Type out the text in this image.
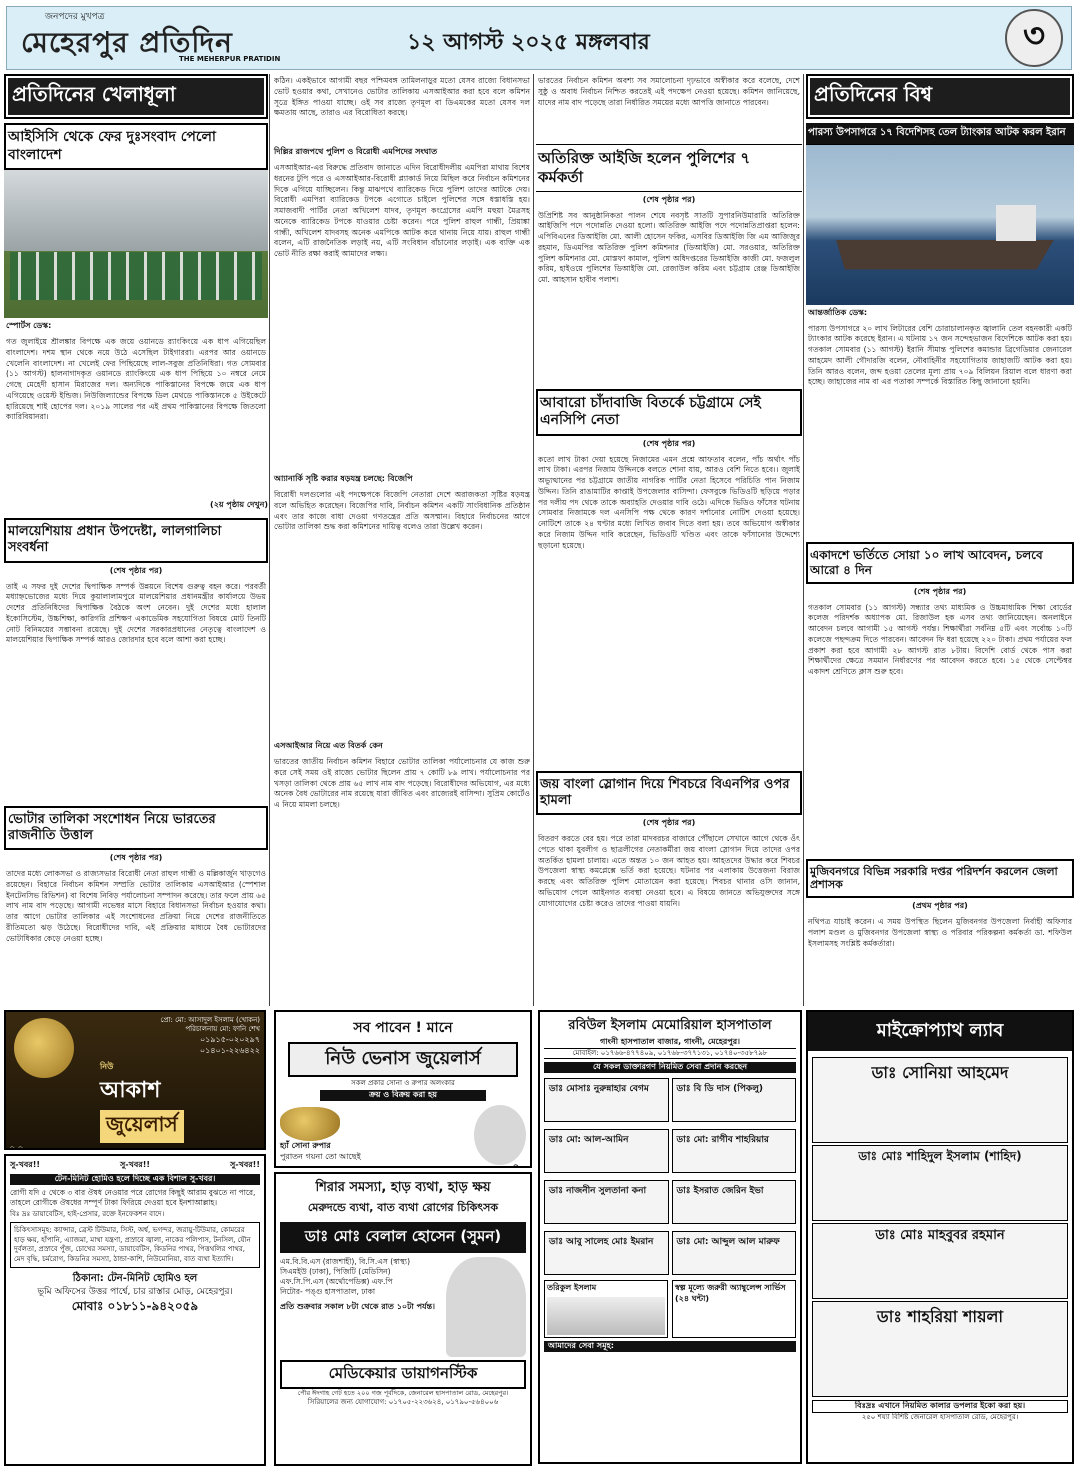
জনপদের মুখপত্র
মেহেরপুর প্রতিদিন
THE MEHERPUR PRATIDIN
১২ আগস্ট ২০২৫ মঙ্গলবার	৩
প্রতিদিনের খেলাধূলা
আইসিসি থেকে ফের দুঃসংবাদ পেলো বাংলাদেশ
স্পোর্টস ডেস্ক:

গত জুলাইয়ে শ্রীলঙ্কার বিপক্ষে এক জয়ে ওয়ানডে র‍্যাংকিংয়ে এক ধাপ এগিয়েছিল বাংলাদেশ। দশম স্থান থেকে নয়ে উঠে এসেছিল টাইগাররা। এরপর আর ওয়ানডে খেলেনি বাংলাদেশ। না খেলেই ফের পিছিয়েছে লাল-সবুজ প্রতিনিধিরা। গত সোমবার (১১ আগস্ট) হালনাগাদকৃত ওয়ানডে র‍্যাংকিংয়ে এক ধাপ পিছিয়ে ১০ নম্বরে নেমে গেছে মেহেদী হাসান মিরাজের দল। অন্যদিকে পাকিস্তানের বিপক্ষে জয়ে এক ধাপ এগিয়েছে ওয়েস্ট ইন্ডিজ। নিউজিল্যান্ডের বিপক্ষে ডিল মেথডে পাকিস্তানকে ৫ উইকেটে হারিয়েছে শাই হোপের দল। ২০১৯ সালের পর এই প্রথম পাকিস্তানের বিপক্ষে জিতলো ক্যারিবিয়ানরা।

(২য় পৃষ্ঠায় দেখুন)
মালয়েশিয়ায় প্রধান উপদেষ্টা, লালগালিচা সংবর্ধনা
(শেষ পৃষ্ঠার পর)

তাই এ সফর দুই দেশের দ্বিপাক্ষিক সম্পর্ক উন্নয়নে বিশেষ গুরুত্ব বহন করে। পরবর্তী মধ্যাহ্নভোজের মধ্যে দিয়ে কুয়ালালামপুরে মালয়েশিয়ার প্রধানমন্ত্রীর কার্যালয়ে উভয় দেশের প্রতিনিধিদের দ্বিপাক্ষিক বৈঠকে অংশ নেবেন। দুই দেশের মধ্যে হালাল ইকোসিস্টেম, উচ্চশিক্ষা, কারিগরি প্রশিক্ষণ একাডেমিক সহযোগিতা বিষয়ে মোট তিনটি নোট বিনিময়ের সম্ভাবনা রয়েছে। দুই দেশের সরকারপ্রধানের নেতৃত্বে বাংলাদেশ ও মালয়েশিয়ার দ্বিপাক্ষিক সম্পর্ক আরও জোরদার হবে বলে আশা করা হচ্ছে।

ভোটার তালিকা সংশোধন নিয়ে ভারতের রাজনীতি উত্তাল
(শেষ পৃষ্ঠার পর)

তাদের মধ্যে লোকসভা ও রাজ্যসভার বিরোধী নেতা রাহুল গান্ধী ও মল্লিকার্জুন খাড়গেও রয়েছেন। বিহারে নির্বাচন কমিশন সম্প্রতি ভোটার তালিকায় এসআইআর (স্পেশাল ইনটেনসিভ রিভিশন) বা বিশেষ নিবিড় পর্যালোচনা সম্পাদন করেছে। তার ফলে প্রায় ৬৫ লাখ নাম বাদ পড়েছে। আগামী নভেম্বর মাসে বিহারে বিধানসভা নির্বাচন হওয়ার কথা। তার আগে ভোটার তালিকার এই সংশোধনের প্রক্রিয়া নিয়ে দেশের রাজনীতিতে রীতিমতো ঝড় উঠেছে। বিরোধীদের দাবি, এই প্রক্রিয়ার মাধ্যমে বৈধ ভোটারদের ভোটাধিকার কেড়ে নেওয়া হচ্ছে।

কঠিন। একইভাবে আগামী বছর পশ্চিমবঙ্গ তামিলনাড়ুর মতো যেসব রাজ্যে বিধানসভা ভোট হওয়ার কথা, সেখানেও ভোটার তালিকায় এসআইআর করা হবে বলে কমিশন সূত্রে ইঙ্গিত পাওয়া যাচ্ছে। ওই সব রাজ্যে তৃণমূল বা ডিএমকের মতো যেসব দল ক্ষমতায় আছে, তারাও এর বিরোধিতা করছে।

দিল্লির রাজপথে পুলিশ ও বিরোধী এমপিদের সংঘাত

এসআইআর-এর বিরুদ্ধে প্রতিবাদ জানাতে এদিন বিরোধীদলীয় এমপিরা মাথায় বিশেষ ধরনের টুপি পরে ও এসআইআর-বিরোধী প্ল্যাকার্ড নিয়ে মিছিল করে নির্বাচন কমিশনের দিকে এগিয়ে যাচ্ছিলেন। কিন্তু মাঝপথে ব্যারিকেড দিয়ে পুলিশ তাদের আটকে দেয়। বিরোধী এমপিরা ব্যারিকেড টপকে এগোতে চাইলে পুলিশের সঙ্গে ধস্তাধস্তি হয়। সমাজবাদী পার্টির নেতা অখিলেশ যাদব, তৃণমূল কংগ্রেসের এমপি মহুয়া মৈত্রসহ অনেকে ব্যারিকেড টপকে যাওয়ার চেষ্টা করেন। পরে পুলিশ রাহুল গান্ধী, প্রিয়াঙ্কা গান্ধী, অখিলেশ যাদবসহ অনেক এমপিকে আটক করে থানায় নিয়ে যায়। রাহুল গান্ধী বলেন, এটি রাজনৈতিক লড়াই নয়, এটি সংবিধান বাঁচানোর লড়াই। এক ব্যক্তি এক ভোট নীতি রক্ষা করাই আমাদের লক্ষ্য।

আ্যানার্কি সৃষ্টি করার ষড়যন্ত্র চলছে: বিজেপি

বিরোধী দলগুলোর এই পদক্ষেপকে বিজেপি নেতারা দেশে অরাজকতা সৃষ্টির ষড়যন্ত্র বলে অভিহিত করেছেন। বিজেপির দাবি, নির্বাচন কমিশন একটি সাংবিধানিক প্রতিষ্ঠান এবং তার কাজে বাধা দেওয়া গণতন্ত্রের প্রতি অসম্মান। বিহারে নির্বাচনের আগে ভোটার তালিকা শুদ্ধ করা কমিশনের দায়িত্ব বলেও তারা উল্লেখ করেন।

এসআইআর নিয়ে এত বিতর্ক কেন

ভারতের জাতীয় নির্বাচন কমিশন বিহারে ভোটার তালিকা পর্যালোচনার যে কাজ শুরু করে সেই সময় ওই রাজ্যে ভোটার ছিলেন প্রায় ৭ কোটি ৮৯ লাখ। পর্যালোচনার পর খসড়া তালিকা থেকে প্রায় ৬৫ লাখ নাম বাদ পড়েছে। বিরোধীদের অভিযোগ, এর মধ্যে অনেক বৈধ ভোটারের নাম রয়েছে যারা জীবিত এবং রাজ্যেরই বাসিন্দা। সুপ্রিম কোর্টেও এ নিয়ে মামলা চলছে।

ভারতের নির্বাচন কমিশন অবশ্য সব সমালোচনা দৃঢ়ভাবে অস্বীকার করে বলেছে, দেশে সুষ্ঠু ও অবাধ নির্বাচন নিশ্চিত করতেই এই পদক্ষেপ নেওয়া হয়েছে। কমিশন জানিয়েছে, যাদের নাম বাদ পড়েছে তারা নির্ধারিত সময়ের মধ্যে আপত্তি জানাতে পারবেন।

অতিরিক্ত আইজি হলেন পুলিশের ৭ কর্মকর্তা
(শেষ পৃষ্ঠার পর)

উপ্রিশিষ্ট সব আনুষ্ঠানিকতা পালন শেষে নবসৃষ্ট সাতটি সুপারনিউমারারি অতিরিক্ত আইজিপি পদে পদোন্নতি দেওয়া হলো। অতিরিক্ত আইজি পদে পদোন্নতিপ্রাপ্তরা হলেন: এপিবিএনের ডিআইজি মো. আলী হোসেন ফকির, এসবির ডিআইজি জি এম আজিজুর রহমান, ডিএমপির অতিরিক্ত পুলিশ কমিশনার (ডিআইজি) মো. সরওয়ার, অতিরিক্ত পুলিশ কমিশনার মো. মোস্তফা কামাল, পুলিশ অধিদপ্তরের ডিআইজি কাজী মো. ফজলুল করিম, হাইওয়ে পুলিশের ডিআইজি মো. রেজাউল করিম এবং চট্টগ্রাম রেঞ্জ ডিআইজি মো. আহসান হাবীব পলাশ।

আবারো চাঁদাবাজি বিতর্কে চট্টগ্রামে সেই এনসিপি নেতা
(শেষ পৃষ্ঠার পর)

কতো লাখ টাকা দেয়া হয়েছে নিজামের এমন প্রশ্নে আফতাব বলেন, পাঁচ অর্থাৎ পাঁচ লাখ টাকা। এরপর নিজাম উদ্দিনকে বলতে শোনা যায়, আরও বেশি নিতে হবে।। জুলাই অভ্যুত্থানের পর চট্টগ্রামে জাতীয় নাগরিক পার্টির নেতা হিসেবে পরিচিতি পান নিজাম উদ্দিন। তিনি রাঙামাটির কাপ্তাই উপজেলার বাসিন্দা। ফেসবুকে ভিডিওটি ছড়িয়ে পড়ার পর দলীয় পদ থেকে তাকে অব্যাহতি দেওয়ার দাবি ওঠে। এদিকে ভিডিও ফাঁসের ঘটনায় সোমবার নিজামকে দল এনসিপি পক্ষ থেকে কারণ দর্শানোর নোটিশ দেওয়া হয়েছে। নোটিশে তাকে ২৪ ঘণ্টার মধ্যে লিখিত জবাব দিতে বলা হয়। তবে অভিযোগ অস্বীকার করে নিজাম উদ্দিন দাবি করেছেন, ভিডিওটি খণ্ডিত এবং তাকে ফাঁসানোর উদ্দেশ্যে ছড়ানো হয়েছে।

জয় বাংলা স্লোগান দিয়ে শিবচরে বিএনপির ওপর হামলা
(শেষ পৃষ্ঠার পর)

বিতরণ করতে বের হয়। পরে তারা মাদবরচর বাজারে পৌঁছালে সেখানে আগে থেকে ওঁৎ পেতে থাকা যুবলীগ ও ছাত্রলীগের নেতাকর্মীরা জয় বাংলা স্লোগান দিয়ে তাদের ওপর অতর্কিত হামলা চালায়। এতে অন্তত ১০ জন আহত হয়। আহতদের উদ্ধার করে শিবচর উপজেলা স্বাস্থ্য কমপ্লেক্সে ভর্তি করা হয়েছে। ঘটনার পর এলাকায় উত্তেজনা বিরাজ করছে এবং অতিরিক্ত পুলিশ মোতায়েন করা হয়েছে। শিবচর থানার ওসি জানান, অভিযোগ পেলে আইনগত ব্যবস্থা নেওয়া হবে। এ বিষয়ে জানতে অভিযুক্তদের সঙ্গে যোগাযোগের চেষ্টা করেও তাদের পাওয়া যায়নি।

প্রতিদিনের বিশ্ব
পারস্য উপসাগরে ১৭ বিদেশিসহ তেল ট্যাংকার আটক করল ইরান
আন্তর্জাতিক ডেস্ক:

পারস্য উপসাগরে ২০ লাখ লিটারের বেশি চোরাচালানকৃত জ্বালানি তেল বহনকারী একটি ট্যাংকার আটক করেছে ইরান। এ ঘটনায় ১৭ জন সন্দেহভাজন বিদেশিকে আটক করা হয়। গতকাল সোমবার (১১ আগস্ট) ইরানি সীমান্ত পুলিশের কমান্ডার ব্রিগেডিয়ার জেনারেল আহমেদ আলী গৌদারজি বলেন, নৌবাহিনীর সহযোগিতায় জাহাজটি আটক করা হয়। তিনি আরও বলেন, জব্দ হওয়া তেলের মূল্য প্রায় ৭০৯ বিলিয়ন রিয়াল বলে ধারণা করা হচ্ছে। জাহাজের নাম বা এর পতাকা সম্পর্কে বিস্তারিত কিছু জানানো হয়নি।

একাদশে ভর্তিতে সোয়া ১০ লাখ আবেদন, চলবে আরো ৪ দিন
(শেষ পৃষ্ঠার পর)

গতকাল সোমবার (১১ আগস্ট) সন্ধ্যার তথ্য মাধ্যমিক ও উচ্চমাধ্যমিক শিক্ষা বোর্ডের কলেজ পরিদর্শক অধ্যাপক মো. রিজাউল হক এসব তথ্য জানিয়েছেন। অনলাইনে আবেদন চলবে আগামী ১৫ আগস্ট পর্যন্ত। শিক্ষার্থীরা সর্বনিম্ন ৫টি এবং সর্বোচ্চ ১০টি কলেজে পছন্দক্রম দিতে পারবেন। আবেদন ফি ধরা হয়েছে ২২০ টাকা। প্রথম পর্যায়ের ফল প্রকাশ করা হবে আগামী ২৮ আগস্ট রাত ৮টায়। বিদেশি বোর্ড থেকে পাস করা শিক্ষার্থীদের ক্ষেত্রে সমমান নির্ধারণের পর আবেদন করতে হবে। ১৫ থেকে সেপ্টেম্বর একাদশ শ্রেণিতে ক্লাস শুরু হবে।

মুজিবনগরে বিভিন্ন সরকারি দপ্তর পরিদর্শন করলেন জেলা প্রশাসক
(প্রথম পৃষ্ঠার পর)

নথিপত্র যাচাই করেন। এ সময় উপস্থিত ছিলেন মুজিবনগর উপজেলা নির্বাহী অফিসার পলাশ মণ্ডল ও মুজিবনগর উপজেলা স্বাস্থ্য ও পরিবার পরিকল্পনা কর্মকর্তা ডা. শফিউল ইসলামসহ সংশ্লিষ্ট কর্মকর্তারা।

প্রো: মো: আসাদুল ইসলাম (খোকন)
পরিচালনায় মো: ফানি শেখ
০১৯১৫-০২০২৯৭
০১৪০১-২২৬৪২২
নিউ
আকাশ
জুয়েলার্স
সব পাবেন ! মানে
নিউ ভেনাস জুয়েলার্স
সকল প্রকার সোনা ও রুপার অলংকার
ক্রয় ও বিক্রয় করা হয়
হ্যাঁ সোনা রুপার
পুরাতন গয়না তো আছেই
রবিউল ইসলাম মেমোরিয়াল হাসপাতাল
গাংনী হাসপাতাল বাজার, গাংনী, মেহেরপুর।
মোবাইল: ০১৭৬৬-৪৭৭৪০৯, ০১৭৬৮-৩৭৭১৩১, ০১৭৪০-৩৫৮৭৯৮
যে সকল ডাক্তারগণ নিয়মিত সেবা প্রদান করছেন
ডাঃ মোসাঃ নুরুন্নাহার বেগম	ডাঃ বি ডি দাস (পিকলু)
ডাঃ মো: আল-আমিন	ডাঃ মো: রাগীব শাহরিয়ার
ডাঃ নাজনীন সুলতানা কনা	ডাঃ ইসরাত জেরিন ইভা
ডাঃ আবু সালেহ মোঃ ইমরান	ডাঃ মো: আব্দুল আল মারুফ
তরিকুল ইসলাম	স্বল্প মূল্যে জরুরী অ্যাম্বুলেন্স সার্ভিস (২৪ ঘন্টা)
আমাদের সেবা সমূহ:
মাইক্রোপ্যাথ ল্যাব
ডাঃ সোনিয়া আহমেদ
ডাঃ মোঃ শাহিদুল ইসলাম (শাহিদ)
ডাঃ মোঃ মাহবুবর রহমান
ডাঃ শাহরিয়া শায়লা
বিঃদ্রঃ এখানে নিয়মিত কালার ডপলার ইকো করা হয়।
২৫০ শয্যা বিশিষ্ট জেনারেল হাসপাতাল রোড, মেহেরপুর।
সু-খবর!!	সু-খবর!!	সু-খবর!!
টেন-মিনিট হোমিও হলে দিচ্ছে এক বিশাল সু-খবর।

রোগী যদি ৫ থেকে ৩ বার ঔষধ নেওয়ার পরে রোগের কিছুই আরাম বুঝতে না পারে, তাহলে রোগীকে ঔষধের সম্পূর্ণ টাকা ফিরিয়ে দেওয়া হবে ইনশাআল্লাহ।

বিঃ দ্রঃ ডায়াবেটিস, হাই-প্রেসার, রক্তে ইনফেকশন বাদে।

চিকিৎসাসমূহ: ক্যান্সার, ব্রেস্ট টিউমার, সিস্ট, অর্শ্ব, ভগন্দর, জরায়ু-টিউমার, কোমরের হাড় ক্ষয়, হাঁপানি, এ্যাজমা, মাথা যন্ত্রণা, প্রস্রাবে জ্বালা, নাকের পলিপাস, টনসিল, যৌন দুর্বলতা, প্রস্রাবে পুঁজ, চোখের সমস্যা, ডায়াবেটিস, কিডনির পাথর, পিত্তথলির পাথর, মেদ বৃদ্ধি, চর্মরোগ, কিডনির সমস্যা, ঠান্ডা-কাশি, নিউমোনিয়া, বাত ব্যথা ইত্যাদি।

ঠিকানা: টেন-মিনিট হোমিও হল
ভূমি অফিসের উত্তর পার্শ্বে, চার রাস্তার মোড়, মেহেরপুর।
মোবাঃ ০১৮১১-৯৪২০৫৯
শিরার সমস্যা, হাড় ব্যথা, হাড় ক্ষয়
মেরুদন্ডে ব্যথা, বাত ব্যথা রোগের চিকিৎসক
ডাঃ মোঃ বেলাল হোসেন (সুমন)
এম.বি.বি.এস (রাজশাহী), বি.সি.এস (স্বাস্থ্য)
সিএমইউ (ঢাকা), পিজিটি (মেডিসিন)
এফ.সি.পি.এস (অর্থোপেডিক্স) এফ.পি
নিটোর- পঙ্গু হাসপাতাল, ঢাকা
প্রতি শুক্রবার সকাল ৮টা থেকে রাত ১০টা পর্যন্ত।
মেডিকেয়ার ডায়াগনস্টিক
পৌর ঈদগাহ গেট হতে ২০০ গজ পূর্বদিকে, জেনারেল হাসপাতাল রোড, মেহেরপুর।
সিরিয়ালের জন্য যোগাযোগ: ০১৭০৫-২২৩৬২৪, ০১৭৯০-৫৬৪০০৬
